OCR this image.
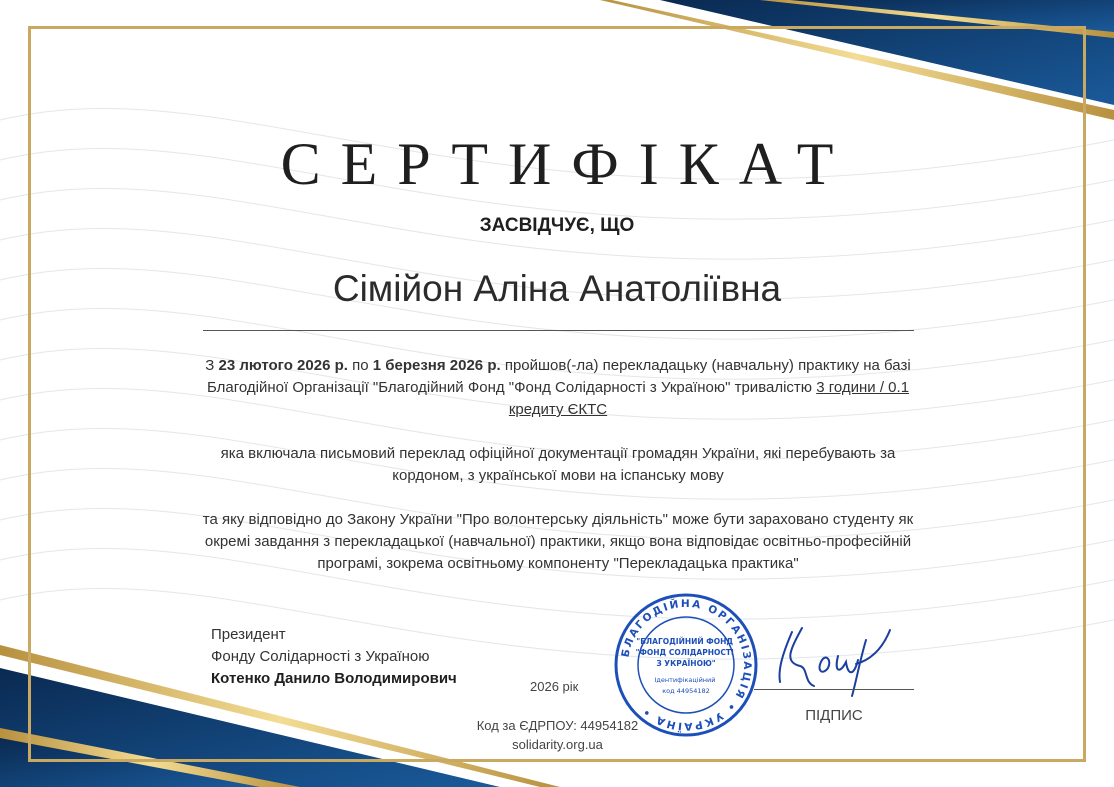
СЕРТИФІКАТ
ЗАСВІДЧУЄ, ЩО
Сімійон Аліна Анатоліївна
З 23 лютого 2026 р. по 1 березня 2026 р. пройшов(-ла) перекладацьку (навчальну) практику на базі Благодійної Організації "Благодійний Фонд "Фонд Солідарності з Україною" тривалістю 3 години / 0.1 кредиту ЄКТС
яка включала письмовий переклад офіційної документації громадян України, які перебувають за кордоном, з української мови на іспанську мову
та яку відповідно до Закону України "Про волонтерську діяльність" може бути зараховано студенту як окремі завдання з перекладацької (навчальної) практики, якщо вона відповідає освітньо-професійній програмі, зокрема освітньому компоненту "Перекладацька практика"
Президент
Фонду Солідарності з Україною
Котенко Данило Володимирович	2026 рік
Код за ЄДРПОУ: 44954182
solidarity.org.ua
БЛАГОДІЙНА ОРГАНІЗАЦІЯ • УКРАЇНА •
"БЛАГОДІЙНИЙ ФОНД "ФОНД СОЛІДАРНОСТІ З УКРАЇНОЮ"
Ідентифікаційний код 44954182
ПІДПИС
